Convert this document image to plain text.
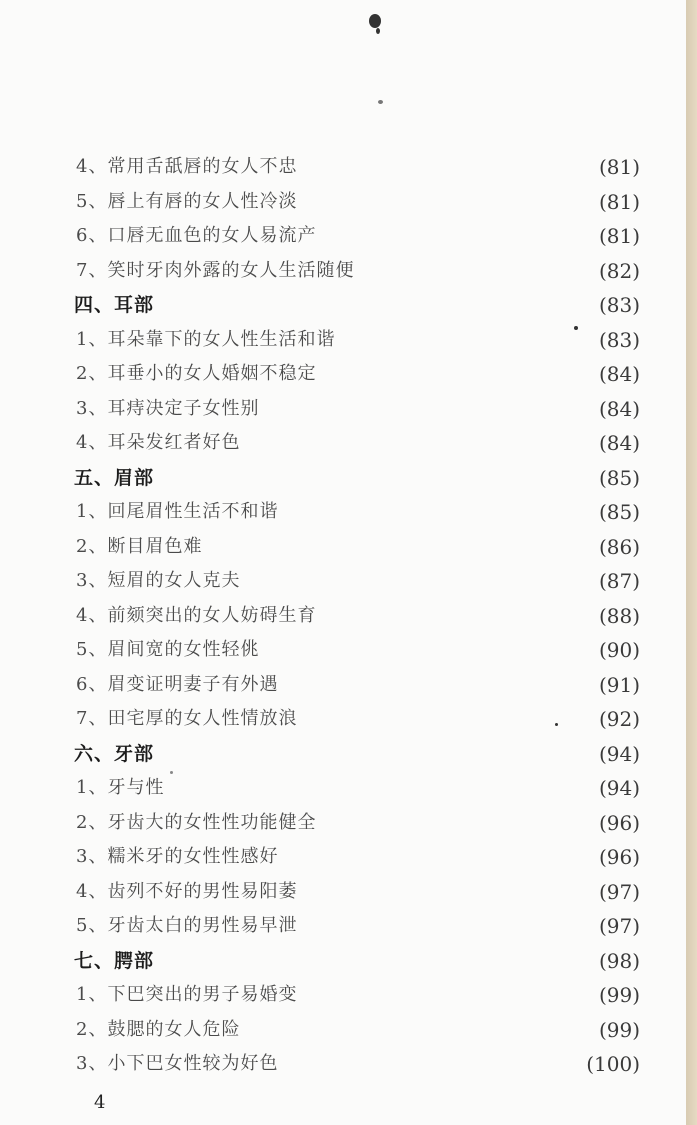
4、常用舌舐唇的女人不忠	(81)
5、唇上有唇的女人性冷淡	(81)
6、口唇无血色的女人易流产	(81)
7、笑时牙肉外露的女人生活随便	(82)
四、耳部	(83)
1、耳朵靠下的女人性生活和谐	(83)
2、耳垂小的女人婚姻不稳定	(84)
3、耳痔决定子女性别	(84)
4、耳朵发红者好色	(84)
五、眉部	(85)
1、回尾眉性生活不和谐	(85)
2、断目眉色难	(86)
3、短眉的女人克夫	(87)
4、前颏突出的女人妨碍生育	(88)
5、眉间宽的女性轻佻	(90)
6、眉变证明妻子有外遇	(91)
7、田宅厚的女人性情放浪	(92)
六、牙部	(94)
1、牙与性	(94)
2、牙齿大的女性性功能健全	(96)
3、糯米牙的女性性感好	(96)
4、齿列不好的男性易阳萎	(97)
5、牙齿太白的男性易早泄	(97)
七、腭部	(98)
1、下巴突出的男子易婚变	(99)
2、鼓腮的女人危险	(99)
3、小下巴女性较为好色	(100)
4
